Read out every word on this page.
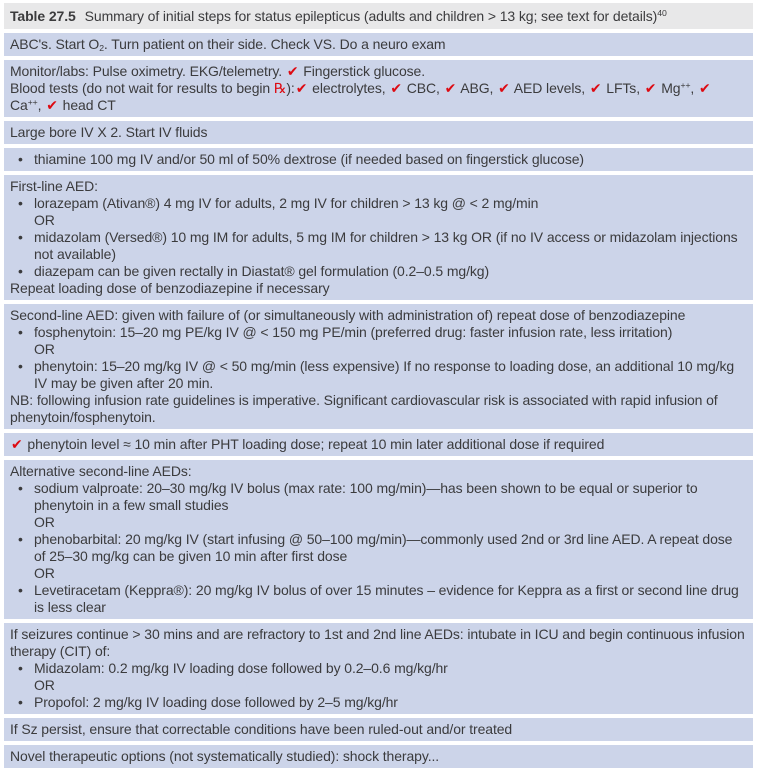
Table 27.5 Summary of initial steps for status epilepticus (adults and children > 13 kg; see text for details)$^{40}$
ABC's. Start $O_2$. Turn patient on their side. Check VS. Do a neuro exam
Monitor/labs: Pulse oximetry. EKG/telemetry. ✔ Fingerstick glucose.
Blood tests (do not wait for results to begin ℞):✔ electrolytes, ✔ CBC, ✔ ABG, ✔ AED levels, ✔ LFTs, ✔ Mg++, ✔ Ca++, ✔ head CT
Large bore IV X 2. Start IV fluids
• thiamine 100 mg IV and/or 50 ml of 50% dextrose (if needed based on fingerstick glucose)
First-line AED:
• lorazepam (Ativan®) 4 mg IV for adults, 2 mg IV for children > 13 kg @ < 2 mg/min
OR
• midazolam (Versed®) 10 mg IM for adults, 5 mg IM for children > 13 kg OR (if no IV access or midazolam injections not available)
• diazepam can be given rectally in Diastat® gel formulation (0.2–0.5 mg/kg)
Repeat loading dose of benzodiazepine if necessary
Second-line AED: given with failure of (or simultaneously with administration of) repeat dose of benzodiazepine
• fosphenytoin: 15–20 mg PE/kg IV @ < 150 mg PE/min (preferred drug: faster infusion rate, less irritation)
OR
• phenytoin: 15–20 mg/kg IV @ < 50 mg/min (less expensive) If no response to loading dose, an additional 10 mg/kg IV may be given after 20 min.
NB: following infusion rate guidelines is imperative. Significant cardiovascular risk is associated with rapid infusion of phenytoin/fosphenytoin.
✔ phenytoin level ≈ 10 min after PHT loading dose; repeat 10 min later additional dose if required
Alternative second-line AEDs:
• sodium valproate: 20–30 mg/kg IV bolus (max rate: 100 mg/min)—has been shown to be equal or superior to phenytoin in a few small studies
OR
• phenobarbital: 20 mg/kg IV (start infusing @ 50–100 mg/min)—commonly used 2nd or 3rd line AED. A repeat dose of 25–30 mg/kg can be given 10 min after first dose
OR
• Levetiracetam (Keppra®): 20 mg/kg IV bolus of over 15 minutes – evidence for Keppra as a first or second line drug is less clear
If seizures continue > 30 mins and are refractory to 1st and 2nd line AEDs: intubate in ICU and begin continuous infusion therapy (CIT) of:
• Midazolam: 0.2 mg/kg IV loading dose followed by 0.2–0.6 mg/kg/hr
OR
• Propofol: 2 mg/kg IV loading dose followed by 2–5 mg/kg/hr
If Sz persist, ensure that correctable conditions have been ruled-out and/or treated
Novel therapeutic options (not systematically studied): shock therapy...
